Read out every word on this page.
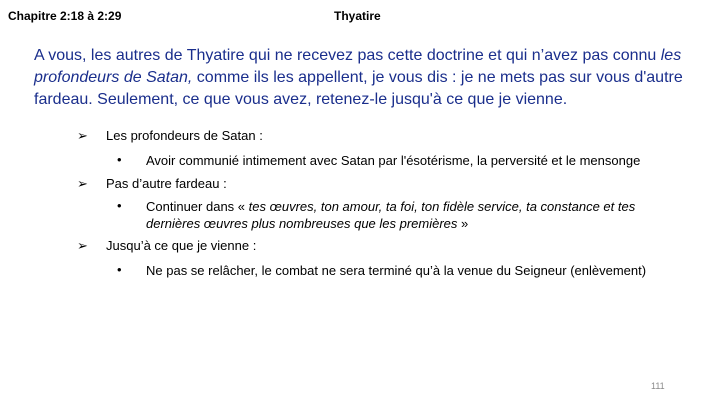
Chapitre 2:18 à 2:29	Thyatire
A vous, les autres de Thyatire qui ne recevez pas cette doctrine et qui n’avez pas connu les profondeurs de Satan, comme ils les appellent, je vous dis : je ne mets pas sur vous d'autre fardeau. Seulement, ce que vous avez, retenez-le jusqu'à ce que je vienne.
➢ Les profondeurs de Satan :
• Avoir communié intimement avec Satan par l'ésotérisme, la perversité et le mensonge
➢ Pas d’autre fardeau :
• Continuer dans « tes œuvres, ton amour, ta foi, ton fidèle service, ta constance et tes dernières œuvres plus nombreuses que les premières »
➢ Jusqu’à ce que je vienne :
• Ne pas se relâcher, le combat ne sera terminé qu’à la venue du Seigneur (enlèvement)
111
